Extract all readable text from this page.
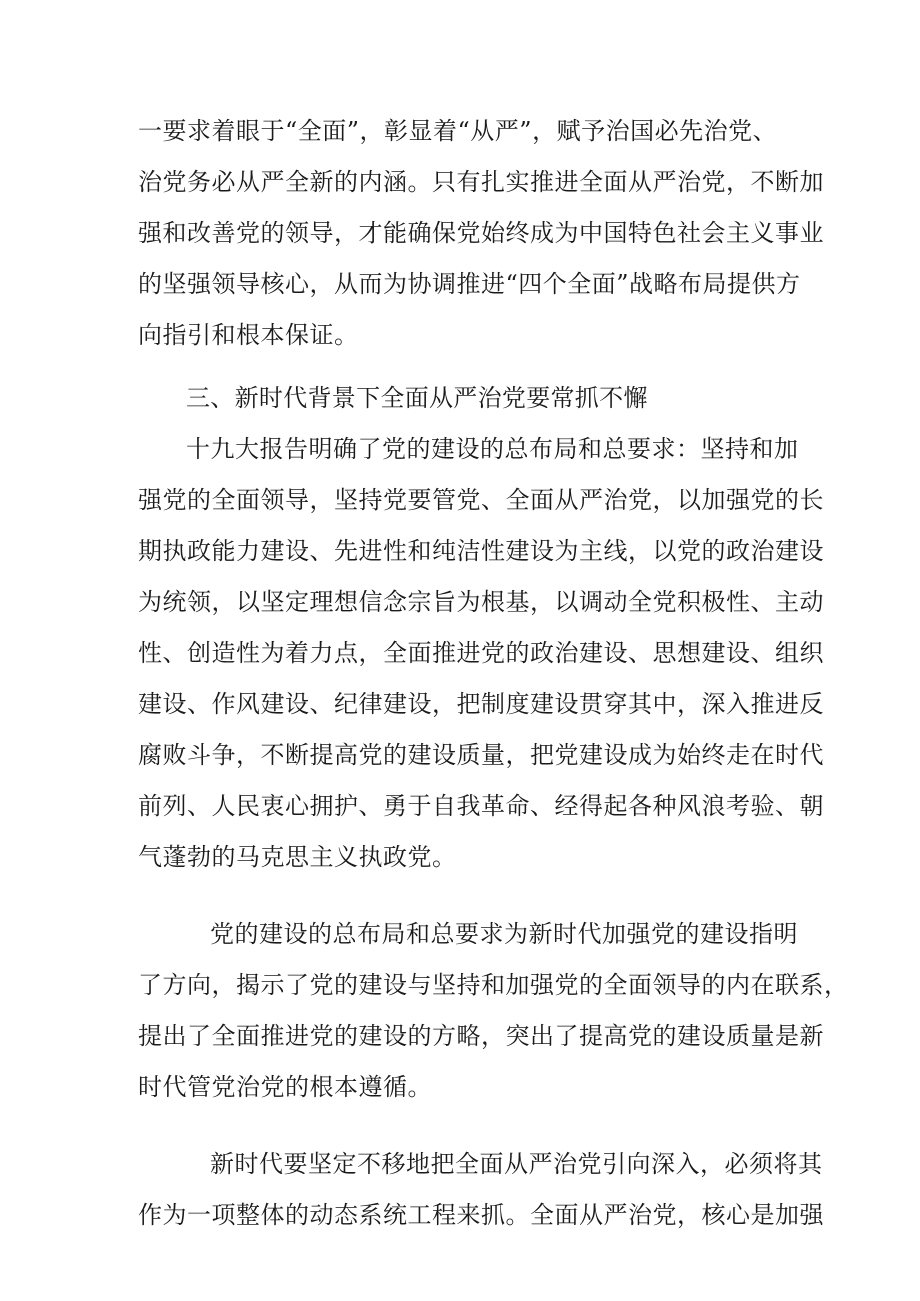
一要求着眼于“全面”，彰显着“从严”，赋予治国必先治党、
治党务必从严全新的内涵。只有扎实推进全面从严治党，不断加
强和改善党的领导，才能确保党始终成为中国特色社会主义事业
的坚强领导核心，从而为协调推进“四个全面”战略布局提供方
向指引和根本保证。
三、新时代背景下全面从严治党要常抓不懈
十九大报告明确了党的建设的总布局和总要求：坚持和加
强党的全面领导，坚持党要管党、全面从严治党，以加强党的长
期执政能力建设、先进性和纯洁性建设为主线，以党的政治建设
为统领，以坚定理想信念宗旨为根基，以调动全党积极性、主动
性、创造性为着力点，全面推进党的政治建设、思想建设、组织
建设、作风建设、纪律建设，把制度建设贯穿其中，深入推进反
腐败斗争，不断提高党的建设质量，把党建设成为始终走在时代
前列、人民衷心拥护、勇于自我革命、经得起各种风浪考验、朝
气蓬勃的马克思主义执政党。
党的建设的总布局和总要求为新时代加强党的建设指明
了方向，揭示了党的建设与坚持和加强党的全面领导的内在联系，
提出了全面推进党的建设的方略，突出了提高党的建设质量是新
时代管党治党的根本遵循。
新时代要坚定不移地把全面从严治党引向深入，必须将其
作为一项整体的动态系统工程来抓。全面从严治党，核心是加强
